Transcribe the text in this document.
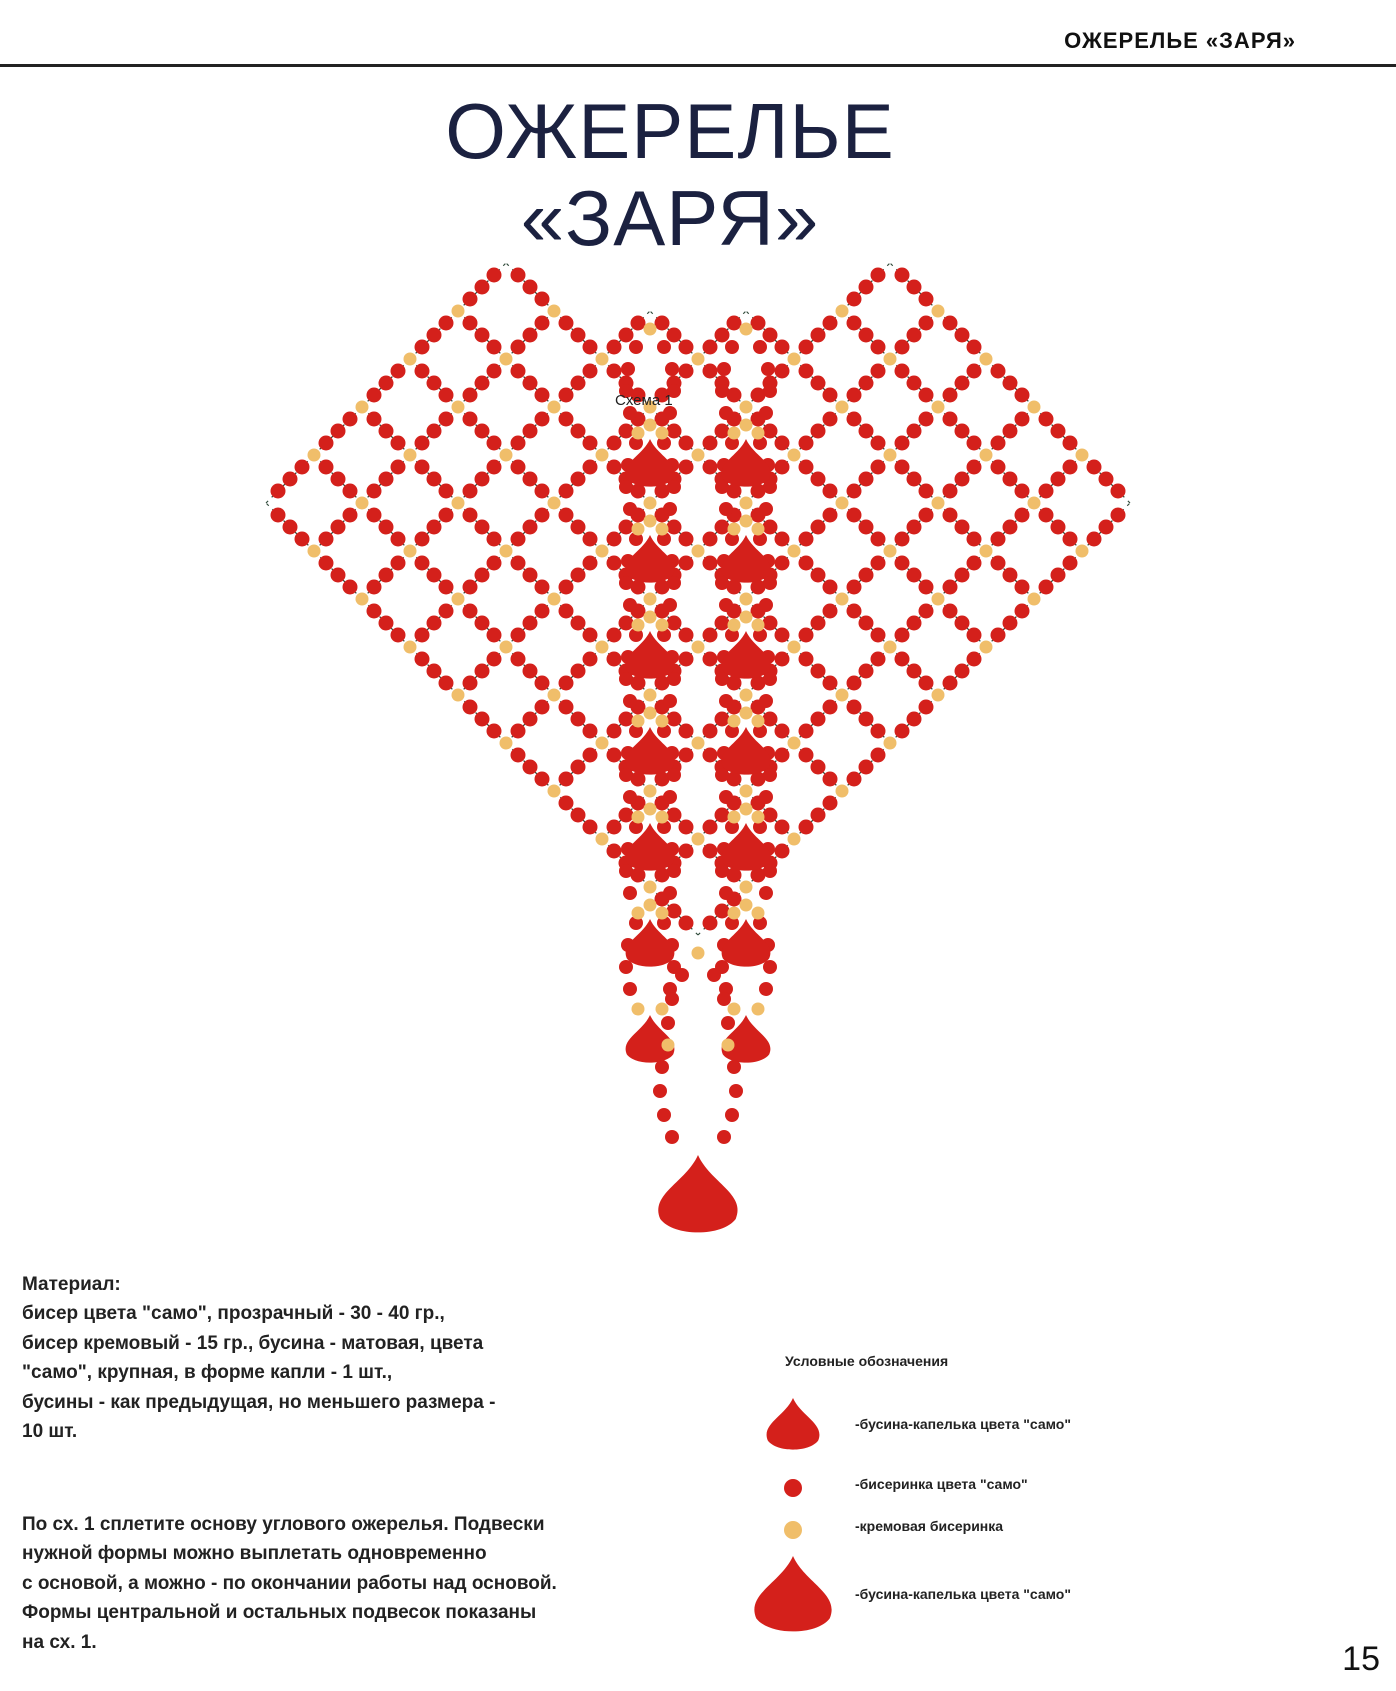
ОЖЕРЕЛЬЕ «ЗАРЯ»
ОЖЕРЕЛЬЕ
«ЗАРЯ»
Схема 1

Материал:

бисер цвета "само", прозрачный - 30 - 40 гр.,

бисер кремовый - 15 гр., бусина - матовая, цвета

"само", крупная, в форме капли - 1 шт.,

бусины - как предыдущая, но меньшего размера -

10 шт.

По сх. 1 сплетите основу углового ожерелья. Подвески
нужной формы можно выплетать одновременно
с основой, а можно - по окончании работы над основой.
Формы центральной и остальных подвесок показаны
на сх. 1.
Условные обозначения
-бусина-капелька цвета "само"
-бисеринка цвета "само"
-кремовая бисеринка
-бусина-капелька цвета "само"
15
